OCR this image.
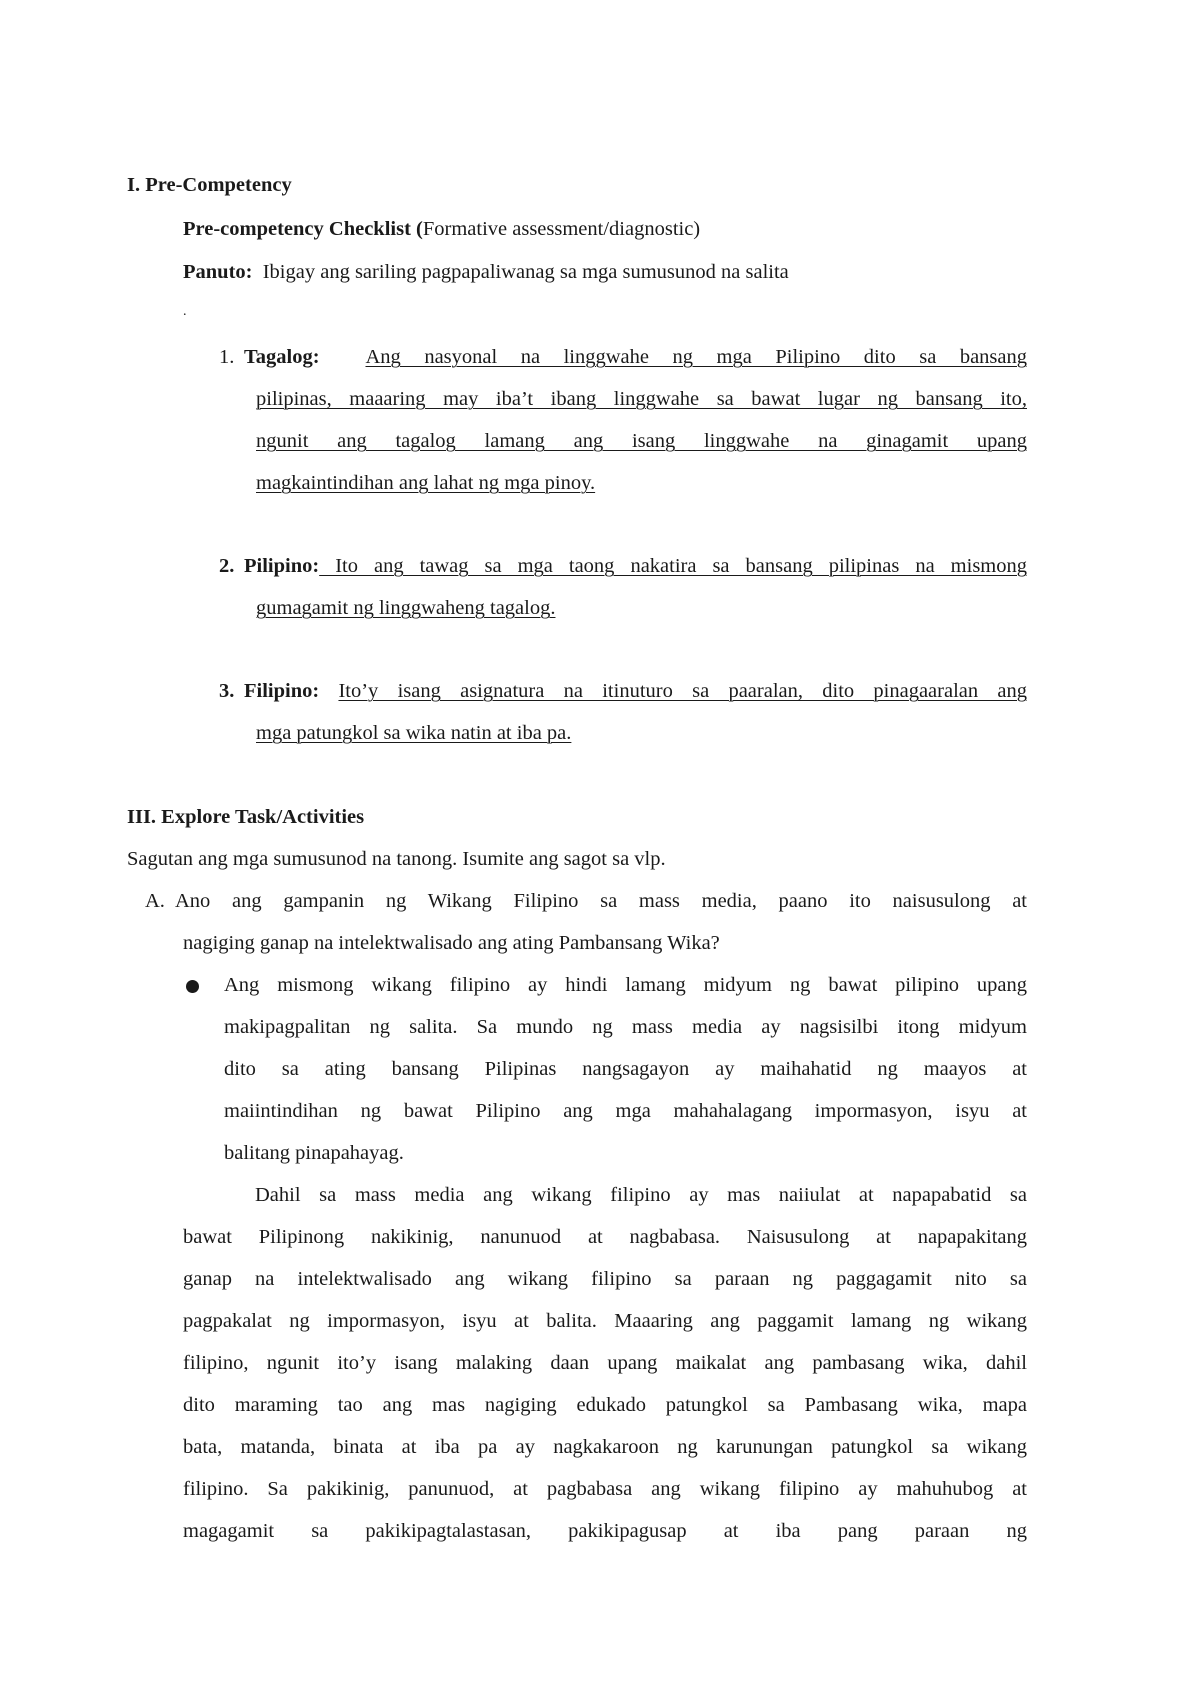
I. Pre-Competency
Pre-competency Checklist (Formative assessment/diagnostic)
Panuto: Ibigay ang sariling pagpapaliwanag sa mga sumusunod na salita
.
1. Tagalog:  Ang nasyonal na linggwahe ng mga Pilipino dito sa bansang
pilipinas, maaaring may iba’t ibang linggwahe sa bawat lugar ng bansang ito,
ngunit ang tagalog lamang ang isang linggwahe na ginagamit upang
magkaintindihan ang lahat ng mga pinoy.
2. Pilipino: Ito ang tawag sa mga taong nakatira sa bansang pilipinas na mismong
gumagamit ng linggwaheng tagalog.
3. Filipino: Ito’y isang asignatura na itinuturo sa paaralan, dito pinagaaralan ang
mga patungkol sa wika natin at iba pa.
III. Explore Task/Activities
Sagutan ang mga sumusunod na tanong. Isumite ang sagot sa vlp.
A. Ano ang gampanin ng Wikang Filipino sa mass media, paano ito naisusulong at
nagiging ganap na intelektwalisado ang ating Pambansang Wika?
Ang mismong wikang filipino ay hindi lamang midyum ng bawat pilipino upang
makipagpalitan ng salita. Sa mundo ng mass media ay nagsisilbi itong midyum
dito sa ating bansang Pilipinas nangsagayon ay maihahatid ng maayos at
maiintindihan ng bawat Pilipino ang mga mahahalagang impormasyon, isyu at
balitang pinapahayag.
Dahil sa mass media ang wikang filipino ay mas naiiulat at napapabatid sa
bawat Pilipinong nakikinig, nanunuod at nagbabasa. Naisusulong at napapakitang
ganap na intelektwalisado ang wikang filipino sa paraan ng paggagamit nito sa
pagpakalat ng impormasyon, isyu at balita. Maaaring ang paggamit lamang ng wikang
filipino, ngunit ito’y isang malaking daan upang maikalat ang pambasang wika, dahil
dito maraming tao ang mas nagiging edukado patungkol sa Pambasang wika, mapa
bata, matanda, binata at iba pa ay nagkakaroon ng karunungan patungkol sa wikang
filipino. Sa pakikinig, panunuod, at pagbabasa ang wikang filipino ay mahuhubog at
magagamit sa pakikipagtalastasan, pakikipagusap at iba pang paraan ng
